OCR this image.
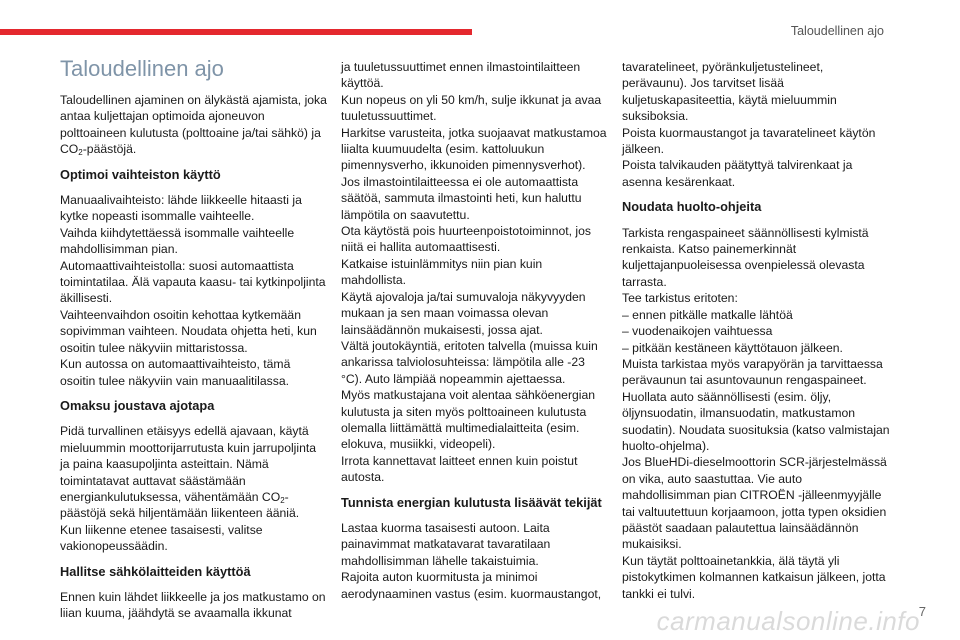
Taloudellinen ajo
Taloudellinen ajo

Taloudellinen ajaminen on älykästä ajamista, joka antaa kuljettajan optimoida ajoneuvon polttoaineen kulutusta (polttoaine ja/tai sähkö) ja $CO_2$-päästöjä.

Optimoi vaihteiston käyttö

Manuaalivaihteisto: lähde liikkeelle hitaasti ja kytke nopeasti isommalle vaihteelle.

Vaihda kiihdytettäessä isommalle vaihteelle mahdollisimman pian.

Automaattivaihteistolla: suosi automaattista toimintatilaa. Älä vapauta kaasu- tai kytkinpoljinta äkillisesti.

Vaihteenvaihdon osoitin kehottaa kytkemään sopivimman vaihteen. Noudata ohjetta heti, kun osoitin tulee näkyviin mittaristossa.

Kun autossa on automaattivaihteisto, tämä osoitin tulee näkyviin vain manuaalitilassa.

Omaksu joustava ajotapa

Pidä turvallinen etäisyys edellä ajavaan, käytä mieluummin moottorijarrutusta kuin jarrupoljinta ja paina kaasupoljinta asteittain. Nämä toimintatavat auttavat säästämään energiankulutuksessa, vähentämään $CO_2$-päästöjä sekä hiljentämään liikenteen ääniä.

Kun liikenne etenee tasaisesti, valitse vakionopeussäädin.

Hallitse sähkölaitteiden käyttöä

Ennen kuin lähdet liikkeelle ja jos matkustamo on liian kuuma, jäähdytä se avaamalla ikkunat

ja tuuletussuuttimet ennen ilmastointilaitteen käyttöä.

Kun nopeus on yli 50 km/h, sulje ikkunat ja avaa tuuletussuuttimet.

Harkitse varusteita, jotka suojaavat matkustamoa liialta kuumuudelta (esim. kattoluukun pimennysverho, ikkunoiden pimennysverhot).

Jos ilmastointilaitteessa ei ole automaattista säätöä, sammuta ilmastointi heti, kun haluttu lämpötila on saavutettu.

Ota käytöstä pois huurteenpoistotoiminnot, jos niitä ei hallita automaattisesti.

Katkaise istuinlämmitys niin pian kuin mahdollista.

Käytä ajovaloja ja/tai sumuvaloja näkyvyyden mukaan ja sen maan voimassa olevan lainsäädännön mukaisesti, jossa ajat.

Vältä joutokäyntiä, eritoten talvella (muissa kuin ankarissa talviolosuhteissa: lämpötila alle -23 °C). Auto lämpiää nopeammin ajettaessa.

Myös matkustajana voit alentaa sähköenergian kulutusta ja siten myös polttoaineen kulutusta olemalla liittämättä multimedialaitteita (esim. elokuva, musiikki, videopeli).

Irrota kannettavat laitteet ennen kuin poistut autosta.

Tunnista energian kulutusta lisäävät tekijät

Lastaa kuorma tasaisesti autoon. Laita painavimmat matkatavarat tavaratilaan mahdollisimman lähelle takaistuimia.

Rajoita auton kuormitusta ja minimoi aerodynaaminen vastus (esim. kuormaustangot,

tavaratelineet, pyöränkuljetustelineet, perävaunu). Jos tarvitset lisää kuljetuskapasiteettia, käytä mieluummin suksiboksia.

Poista kuormaustangot ja tavaratelineet käytön jälkeen.

Poista talvikauden päätyttyä talvirenkaat ja asenna kesärenkaat.

Noudata huolto-ohjeita

Tarkista rengaspaineet säännöllisesti kylmistä renkaista. Katso painemerkinnät kuljettajanpuoleisessa ovenpielessä olevasta tarrasta.

Tee tarkistus eritoten:

– ennen pitkälle matkalle lähtöä
– vuodenaikojen vaihtuessa
– pitkään kestäneen käyttötauon jälkeen.

Muista tarkistaa myös varapyörän ja tarvittaessa perävaunun tai asuntovaunun rengaspaineet.

Huollata auto säännöllisesti (esim. öljy, öljynsuodatin, ilmansuodatin, matkustamon suodatin). Noudata suosituksia (katso valmistajan huolto-ohjelma).

Jos BlueHDi-dieselmoottorin SCR-järjestelmässä on vika, auto saastuttaa. Vie auto mahdollisimman pian CITROËN -jälleenmyyjälle tai valtuutettuun korjaamoon, jotta typen oksidien päästöt saadaan palautettua lainsäädännön mukaisiksi.

Kun täytät polttoainetankkia, älä täytä yli pistokytkimen kolmannen katkaisun jälkeen, jotta tankki ei tulvi.

carmanualsonline.info
7
